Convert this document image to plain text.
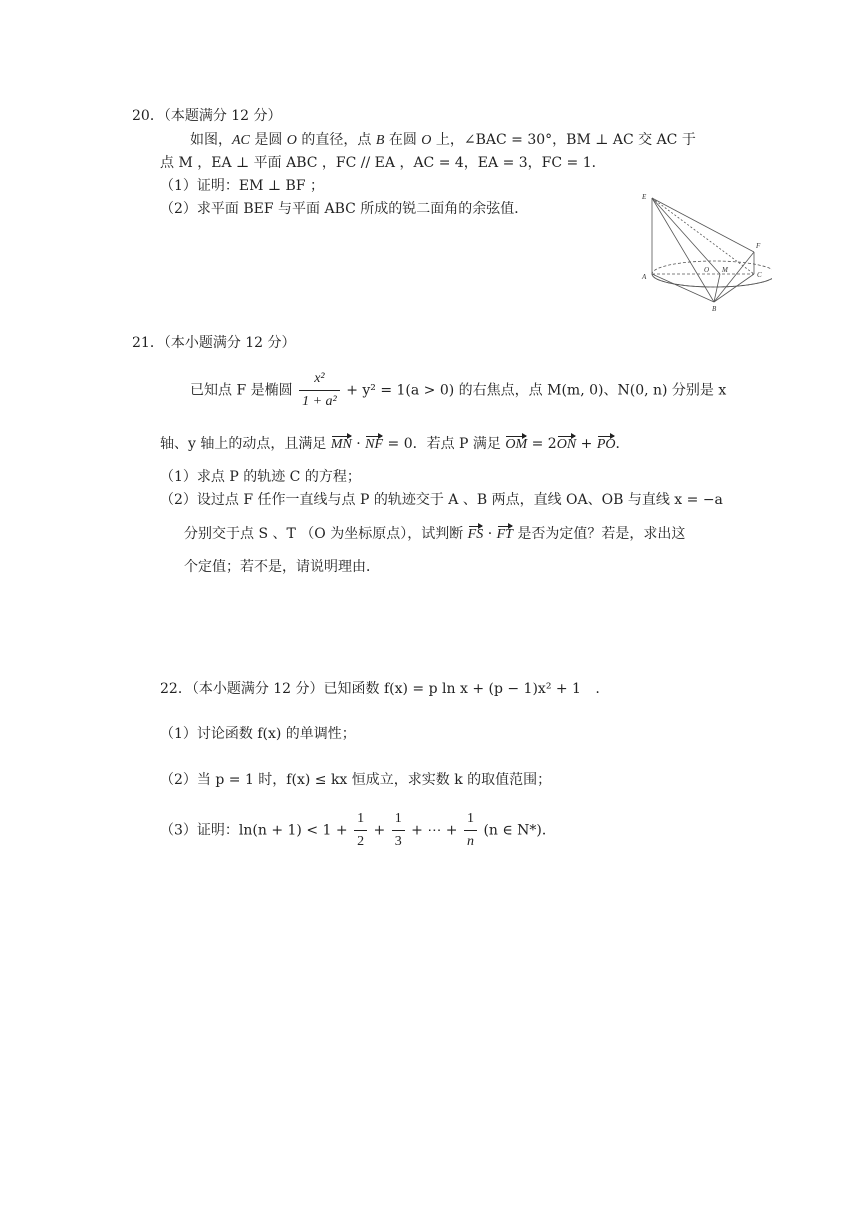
20．（本题满分 12 分）
如图，AC 是圆 O 的直径，点 B 在圆 O 上，∠BAC = 30°，BM ⊥ AC 交 AC 于
点 M ，EA ⊥ 平面 ABC ，FC // EA ，AC = 4，EA = 3，FC = 1．
（1）证明：EM ⊥ BF ；
（2）求平面 BEF 与平面 ABC 所成的锐二面角的余弦值．
E
F
A
B
C
O M
21．（本小题满分 12 分）
已知点 F 是椭圆 $\frac{\text{x²}}{\text{1 + a²}} + y^2 = 1(a > 0)$ 的右焦点，点 M(m, 0)、N(0, n) 分别是 x
轴、y 轴上的动点，且满足 MN · NF = 0．若点 P 满足 OM = 2ON + PO．
（1）求点 P 的轨迹 C 的方程；
（2）设过点 F 任作一直线与点 P 的轨迹交于 A 、B 两点，直线 OA、OB 与直线 x = −a
分别交于点 S 、T （O 为坐标原点），试判断 FS · FT 是否为定值？若是，求出这
个定值；若不是，请说明理由．
22．（本小题满分 12 分）已知函数 f(x) = p ln x + (p − 1)x² + 1 .
（1）讨论函数 f(x) 的单调性；
（2）当 p = 1 时，f(x) ≤ kx 恒成立，求实数 k 的取值范围；
（3）证明：$\ln(n + 1) < 1 + \frac{1}{2} + \frac{1}{3}$ + ⋯ + $\frac{1}{n} (n$ ∈ N*)．
